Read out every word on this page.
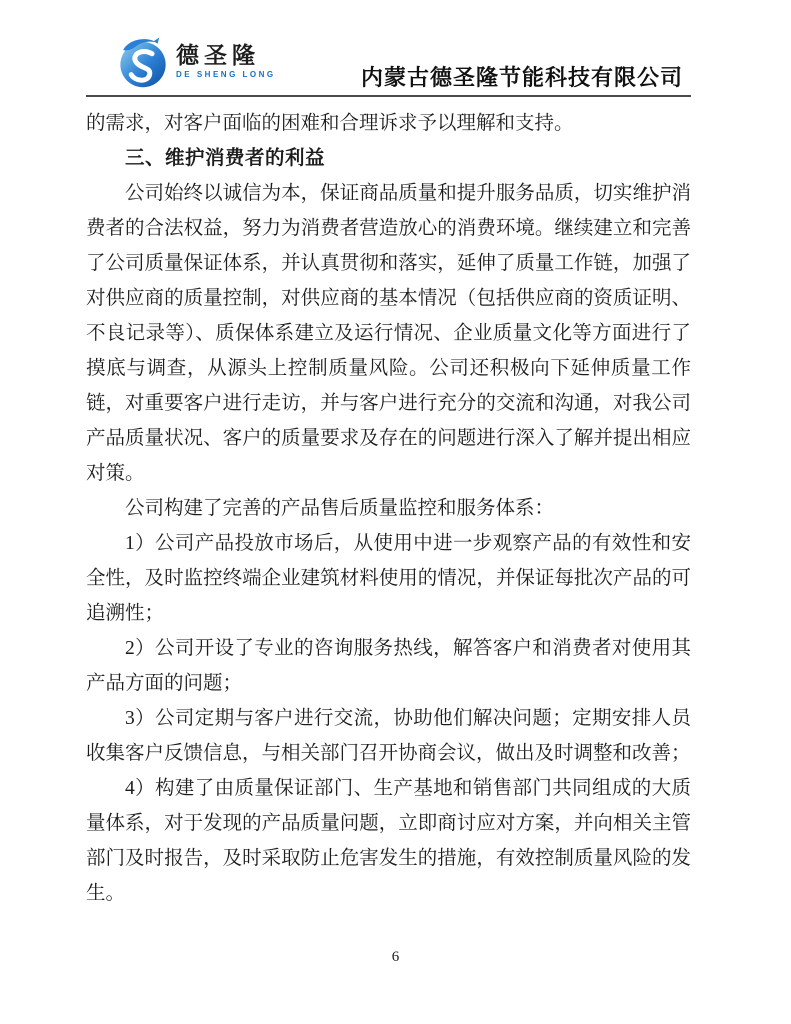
德圣隆
DE SHENG LONG	内蒙古德圣隆节能科技有限公司

的需求，对客户面临的困难和合理诉求予以理解和支持。

三、维护消费者的利益

公司始终以诚信为本，保证商品质量和提升服务品质，切实维护消费者的合法权益，努力为消费者营造放心的消费环境。继续建立和完善了公司质量保证体系，并认真贯彻和落实，延伸了质量工作链，加强了对供应商的质量控制，对供应商的基本情况（包括供应商的资质证明、不良记录等）、质保体系建立及运行情况、企业质量文化等方面进行了摸底与调查，从源头上控制质量风险。公司还积极向下延伸质量工作链，对重要客户进行走访，并与客户进行充分的交流和沟通，对我公司产品质量状况、客户的质量要求及存在的问题进行深入了解并提出相应对策。

公司构建了完善的产品售后质量监控和服务体系：

1）公司产品投放市场后，从使用中进一步观察产品的有效性和安全性，及时监控终端企业建筑材料使用的情况，并保证每批次产品的可追溯性；

2）公司开设了专业的咨询服务热线，解答客户和消费者对使用其产品方面的问题；

3）公司定期与客户进行交流，协助他们解决问题；定期安排人员收集客户反馈信息，与相关部门召开协商会议，做出及时调整和改善；

4）构建了由质量保证部门、生产基地和销售部门共同组成的大质量体系，对于发现的产品质量问题，立即商讨应对方案，并向相关主管部门及时报告，及时采取防止危害发生的措施，有效控制质量风险的发生。

6
